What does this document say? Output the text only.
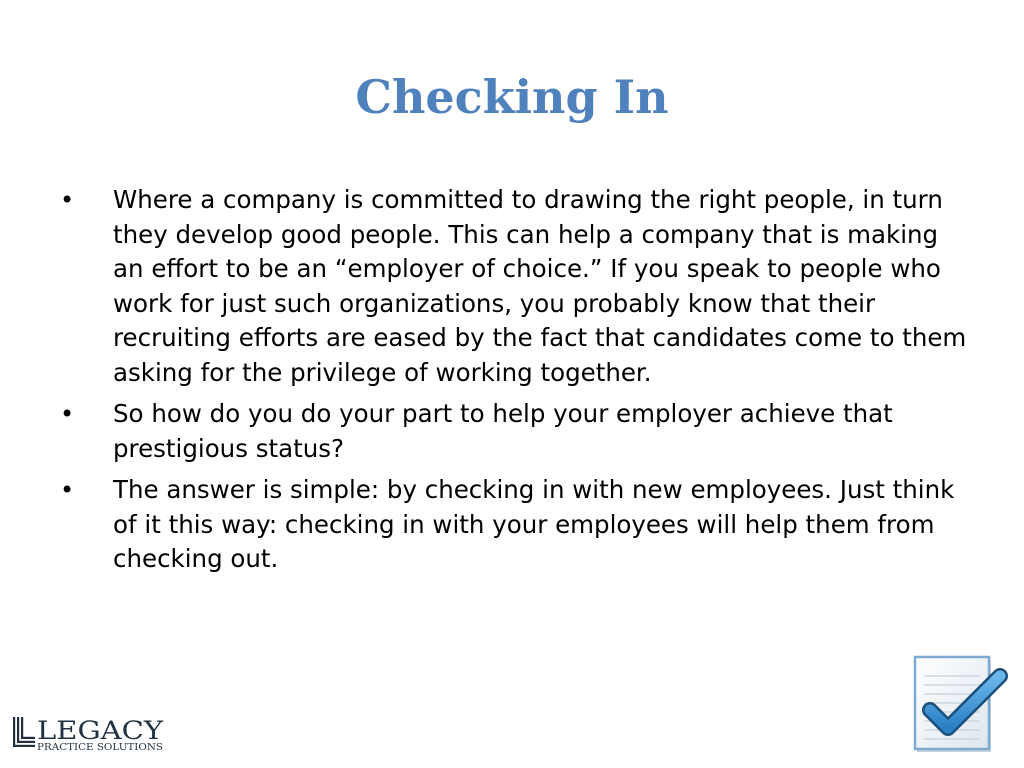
Checking In
• Where a company is committed to drawing the right people, in turn they develop good people. This can help a company that is making an effort to be an “employer of choice.” If you speak to people who work for just such organizations, you probably know that their recruiting efforts are eased by the fact that candidates come to them asking for the privilege of working together.
• So how do you do your part to help your employer achieve that prestigious status?
• The answer is simple: by checking in with new employees. Just think of it this way: checking in with your employees will help them from checking out.
LEGACY
PRACTICE SOLUTIONS
